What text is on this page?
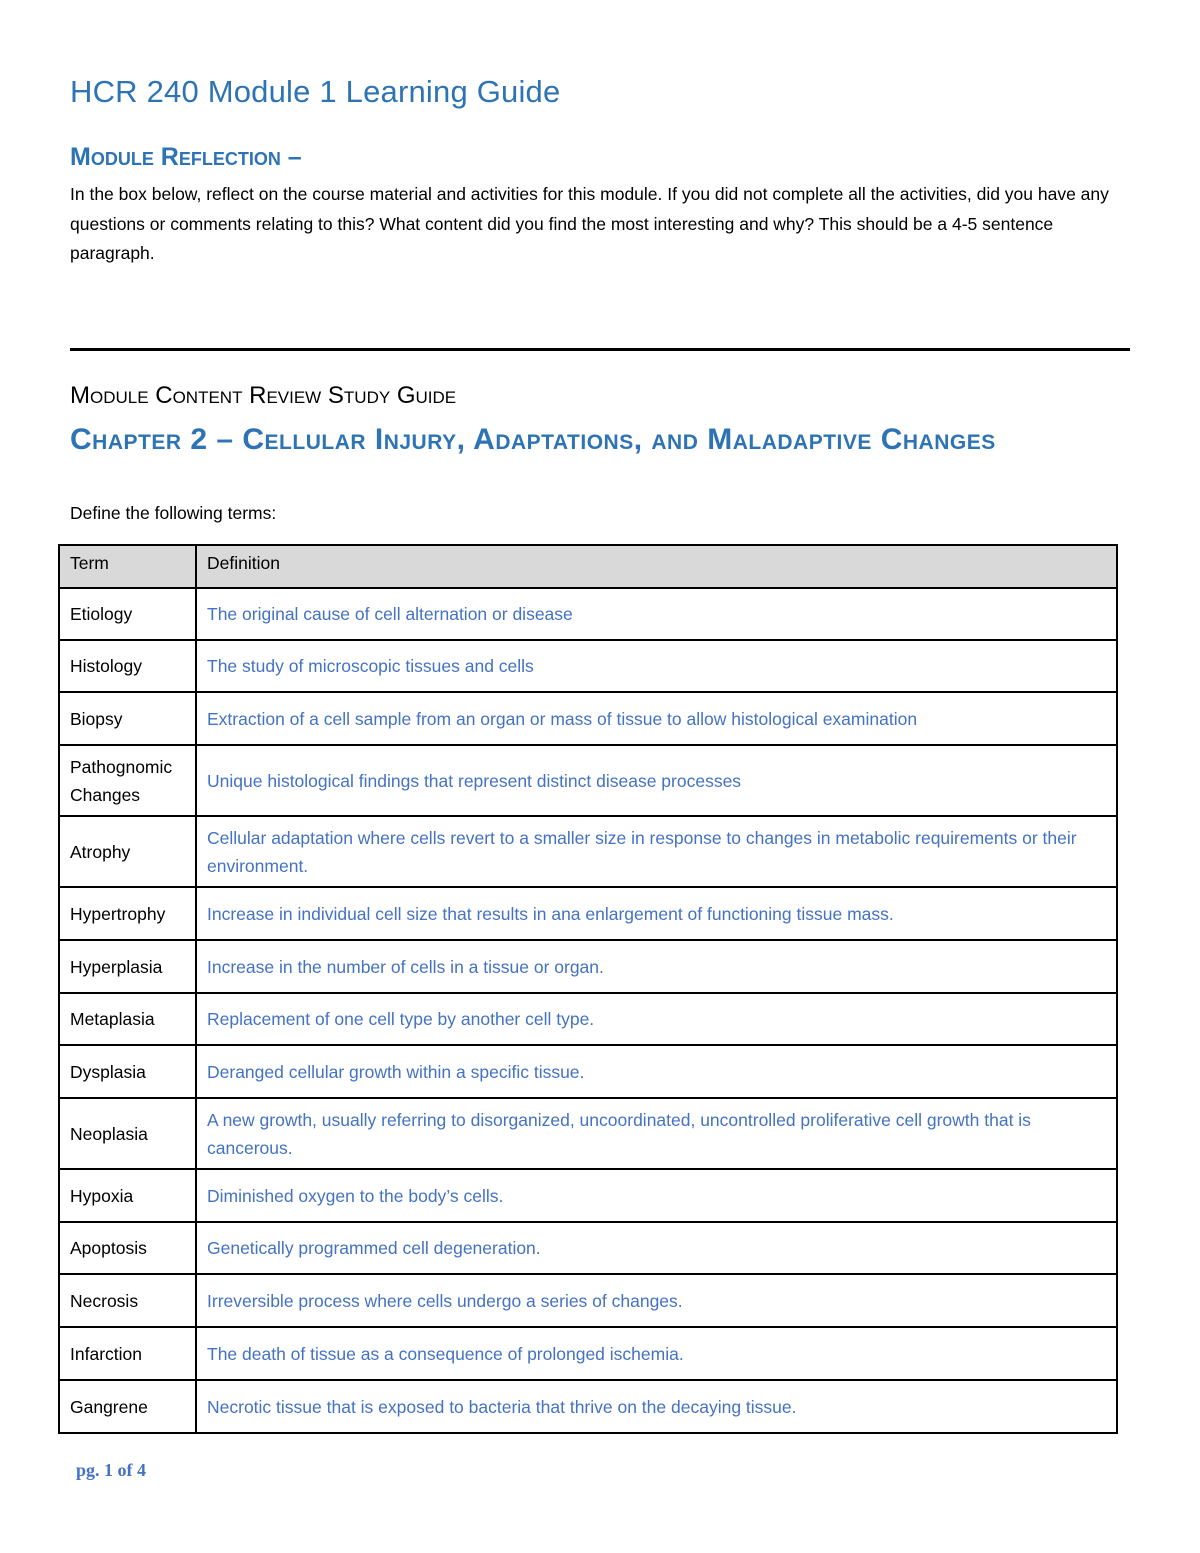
HCR 240 Module 1 Learning Guide
Module Reflection –

In the box below, reflect on the course material and activities for this module. If you did not complete all the activities, did you have any questions or comments relating to this? What content did you find the most interesting and why? This should be a 4-5 sentence paragraph.

Module Content Review Study Guide
Chapter 2 – Cellular Injury, Adaptations, and Maladaptive Changes

Define the following terms:

Term	Definition
Etiology	The original cause of cell alternation or disease
Histology	The study of microscopic tissues and cells
Biopsy	Extraction of a cell sample from an organ or mass of tissue to allow histological examination
Pathognomic Changes	Unique histological findings that represent distinct disease processes
Atrophy	Cellular adaptation where cells revert to a smaller size in response to changes in metabolic requirements or their environment.
Hypertrophy	Increase in individual cell size that results in ana enlargement of functioning tissue mass.
Hyperplasia	Increase in the number of cells in a tissue or organ.
Metaplasia	Replacement of one cell type by another cell type.
Dysplasia	Deranged cellular growth within a specific tissue.
Neoplasia	A new growth, usually referring to disorganized, uncoordinated, uncontrolled proliferative cell growth that is cancerous.
Hypoxia	Diminished oxygen to the body’s cells.
Apoptosis	Genetically programmed cell degeneration.
Necrosis	Irreversible process where cells undergo a series of changes.
Infarction	The death of tissue as a consequence of prolonged ischemia.
Gangrene	Necrotic tissue that is exposed to bacteria that thrive on the decaying tissue.

pg. 1 of 4
